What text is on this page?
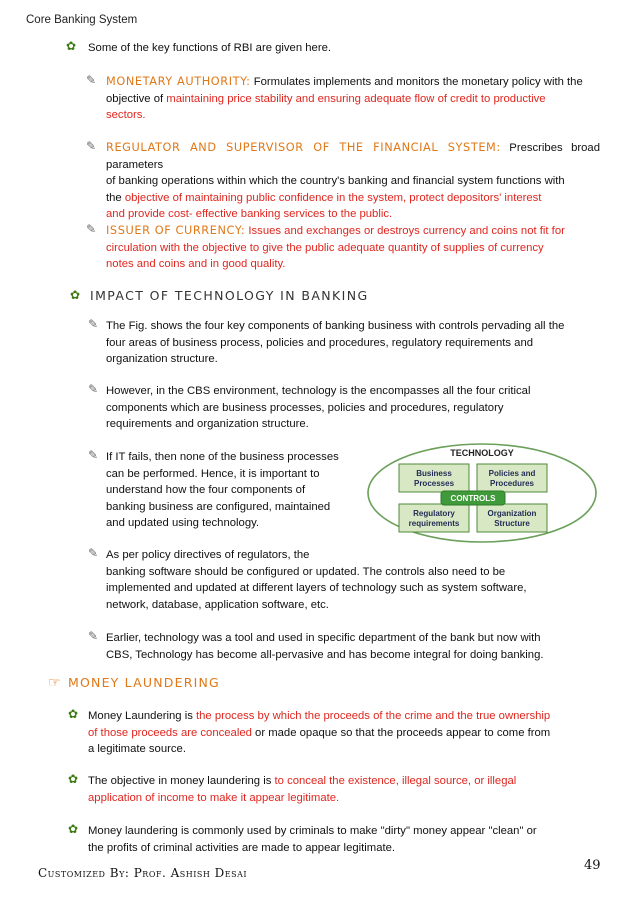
Core Banking System
✿ Some of the key functions of RBI are given here.
✎ MONETARY AUTHORITY: Formulates implements and monitors the monetary policy with the
objective of maintaining price stability and ensuring adequate flow of credit to productive
sectors.
✎ REGULATOR AND SUPERVISOR OF THE FINANCIAL SYSTEM: Prescribes broad parameters
of banking operations within which the country's banking and financial system functions with
the objective of maintaining public confidence in the system, protect depositors' interest
and provide cost- effective banking services to the public.
✎ ISSUER OF CURRENCY: Issues and exchanges or destroys currency and coins not fit for
circulation with the objective to give the public adequate quantity of supplies of currency
notes and coins and in good quality.
✿ IMPACT OF TECHNOLOGY IN BANKING
✎ The Fig. shows the four key components of banking business with controls pervading all the
four areas of business process, policies and procedures, regulatory requirements and
organization structure.
✎ However, in the CBS environment, technology is the encompasses all the four critical
components which are business processes, policies and procedures, regulatory
requirements and organization structure.
✎ If IT fails, then none of the business processes
can be performed. Hence, it is important to
understand how the four components of
banking business are configured, maintained
and updated using technology.
TECHNOLOGY
Business
Processes
Policies and
Procedures
Regulatory
requirements
Organization
Structure
CONTROLS
✎ As per policy directives of regulators, the
banking software should be configured or updated. The controls also need to be
implemented and updated at different layers of technology such as system software,
network, database, application software, etc.
✎ Earlier, technology was a tool and used in specific department of the bank but now with
CBS, Technology has become all-pervasive and has become integral for doing banking.
☞ MONEY LAUNDERING
✿ Money Laundering is the process by which the proceeds of the crime and the true ownership
of those proceeds are concealed or made opaque so that the proceeds appear to come from
a legitimate source.
✿ The objective in money laundering is to conceal the existence, illegal source, or illegal
application of income to make it appear legitimate.
✿ Money laundering is commonly used by criminals to make "dirty" money appear "clean" or
the profits of criminal activities are made to appear legitimate.
Customized By: Prof. Ashish Desai	49
